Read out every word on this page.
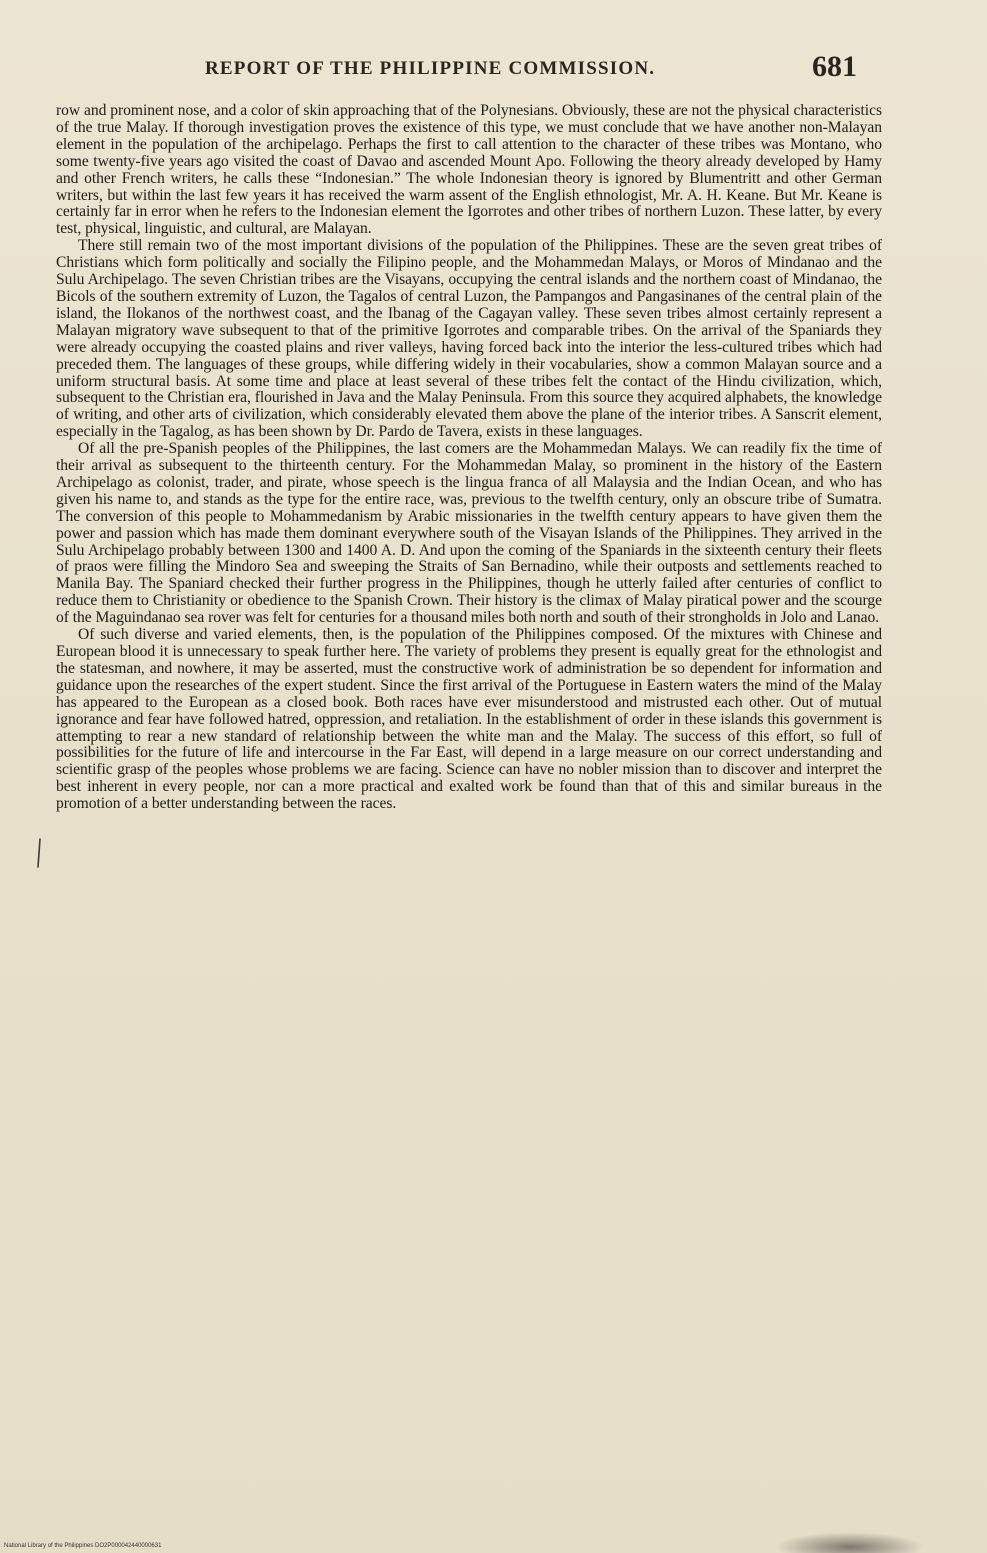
REPORT OF THE PHILIPPINE COMMISSION.	681

row and prominent nose, and a color of skin approaching that of the Polynesians. Obviously, these are not the physical characteristics of the true Malay. If thorough investigation proves the existence of this type, we must conclude that we have another non-Malayan element in the population of the archipelago. Perhaps the first to call attention to the character of these tribes was Montano, who some twenty-five years ago visited the coast of Davao and ascended Mount Apo. Following the theory already developed by Hamy and other French writers, he calls these “Indonesian.” The whole Indonesian theory is ignored by Blumentritt and other German writers, but within the last few years it has received the warm assent of the English ethnologist, Mr. A. H. Keane. But Mr. Keane is certainly far in error when he refers to the Indonesian element the Igorrotes and other tribes of northern Luzon. These latter, by every test, physical, linguistic, and cultural, are Malayan.

There still remain two of the most important divisions of the population of the Philippines. These are the seven great tribes of Christians which form politically and socially the Filipino people, and the Mohammedan Malays, or Moros of Mindanao and the Sulu Archipelago. The seven Christian tribes are the Visayans, occupying the central islands and the northern coast of Mindanao, the Bicols of the southern extremity of Luzon, the Tagalos of central Luzon, the Pampangos and Pangasinanes of the central plain of the island, the Ilokanos of the northwest coast, and the Ibanag of the Cagayan valley. These seven tribes almost certainly represent a Malayan migratory wave subsequent to that of the primitive Igorrotes and comparable tribes. On the arrival of the Spaniards they were already occupying the coasted plains and river valleys, having forced back into the interior the less-cultured tribes which had preceded them. The languages of these groups, while differing widely in their vocabularies, show a common Malayan source and a uniform structural basis. At some time and place at least several of these tribes felt the contact of the Hindu civilization, which, subsequent to the Christian era, flourished in Java and the Malay Peninsula. From this source they acquired alphabets, the knowledge of writing, and other arts of civilization, which considerably elevated them above the plane of the interior tribes. A Sanscrit element, especially in the Tagalog, as has been shown by Dr. Pardo de Tavera, exists in these languages.

Of all the pre-Spanish peoples of the Philippines, the last comers are the Mohammedan Malays. We can readily fix the time of their arrival as subsequent to the thirteenth century. For the Mohammedan Malay, so prominent in the history of the Eastern Archipelago as colonist, trader, and pirate, whose speech is the lingua franca of all Malaysia and the Indian Ocean, and who has given his name to, and stands as the type for the entire race, was, previous to the twelfth century, only an obscure tribe of Sumatra. The conversion of this people to Mohammedanism by Arabic missionaries in the twelfth century appears to have given them the power and passion which has made them dominant everywhere south of the Visayan Islands of the Philippines. They arrived in the Sulu Archipelago probably between 1300 and 1400 A. D. And upon the coming of the Spaniards in the sixteenth century their fleets of praos were filling the Mindoro Sea and sweeping the Straits of San Bernadino, while their outposts and settlements reached to Manila Bay. The Spaniard checked their further progress in the Philippines, though he utterly failed after centuries of conflict to reduce them to Christianity or obedience to the Spanish Crown. Their history is the climax of Malay piratical power and the scourge of the Maguindanao sea rover was felt for centuries for a thousand miles both north and south of their strongholds in Jolo and Lanao.

Of such diverse and varied elements, then, is the population of the Philippines composed. Of the mixtures with Chinese and European blood it is unnecessary to speak further here. The variety of problems they present is equally great for the ethnologist and the statesman, and nowhere, it may be asserted, must the constructive work of administration be so dependent for information and guidance upon the researches of the expert student. Since the first arrival of the Portuguese in Eastern waters the mind of the Malay has appeared to the European as a closed book. Both races have ever misunderstood and mistrusted each other. Out of mutual ignorance and fear have followed hatred, oppression, and retaliation. In the establishment of order in these islands this government is attempting to rear a new standard of relationship between the white man and the Malay. The success of this effort, so full of possibilities for the future of life and intercourse in the Far East, will depend in a large measure on our correct understanding and scientific grasp of the peoples whose problems we are facing. Science can have no nobler mission than to discover and interpret the best inherent in every people, nor can a more practical and exalted work be found than that of this and similar bureaus in the promotion of a better understanding between the races.

National Library of the Philippines DO2P000042440000631
